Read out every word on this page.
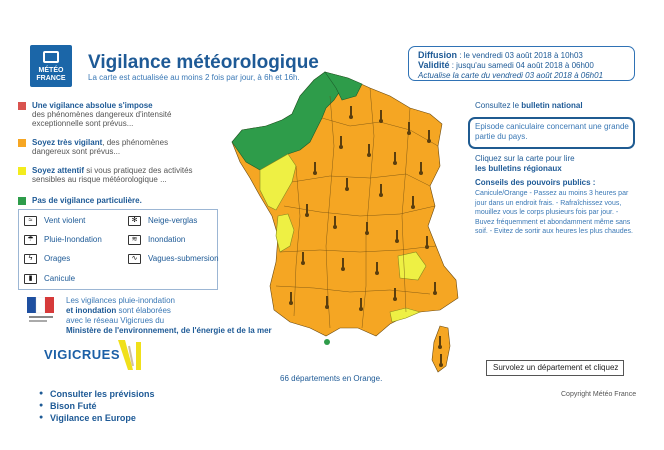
MÉTÉO
FRANCE
Vigilance météorologique
La carte est actualisée au moins 2 fois par jour, à 6h et 16h.
Diffusion : le vendredi 03 août 2018 à 10h03
Validité : jusqu'au samedi 04 août 2018 à 06h00
Actualise la carte du vendredi 03 août 2018 à 06h01
Une vigilance absolue s'impose
des phénomènes dangereux d'intensité exceptionnelle sont prévus...
Soyez très vigilant, des phénomènes dangereux sont prévus...
Soyez attentif si vous pratiquez des activités sensibles au risque météorologique ...
Pas de vigilance particulière.
≈ Vent violent	✻ Neige-verglas
☂ Pluie-Inondation	≋ Inondation
ϟ Orages	∿ Vagues-submersion
▮ Canicule
Les vigilances pluie-inondation
et inondation sont élaborées
avec le réseau Vigicrues du
Ministère de l'environnement, de l'énergie et de la mer
VIGICRUES
● Consulter les prévisions
● Bison Futé
● Vigilance en Europe
Consultez le bulletin national
Episode caniculaire concernant une grande partie du pays.
Cliquez sur la carte pour lire
les bulletins régionaux
Conseils des pouvoirs publics :
Canicule/Orange - Passez au moins 3 heures par jour dans un endroit frais. - Rafraîchissez vous, mouillez vous le corps plusieurs fois par jour. - Buvez fréquemment et abondamment même sans soif. - Evitez de sortir aux heures les plus chaudes.
Survolez un département et cliquez
66 départements en Orange.
Copyright Météo France
